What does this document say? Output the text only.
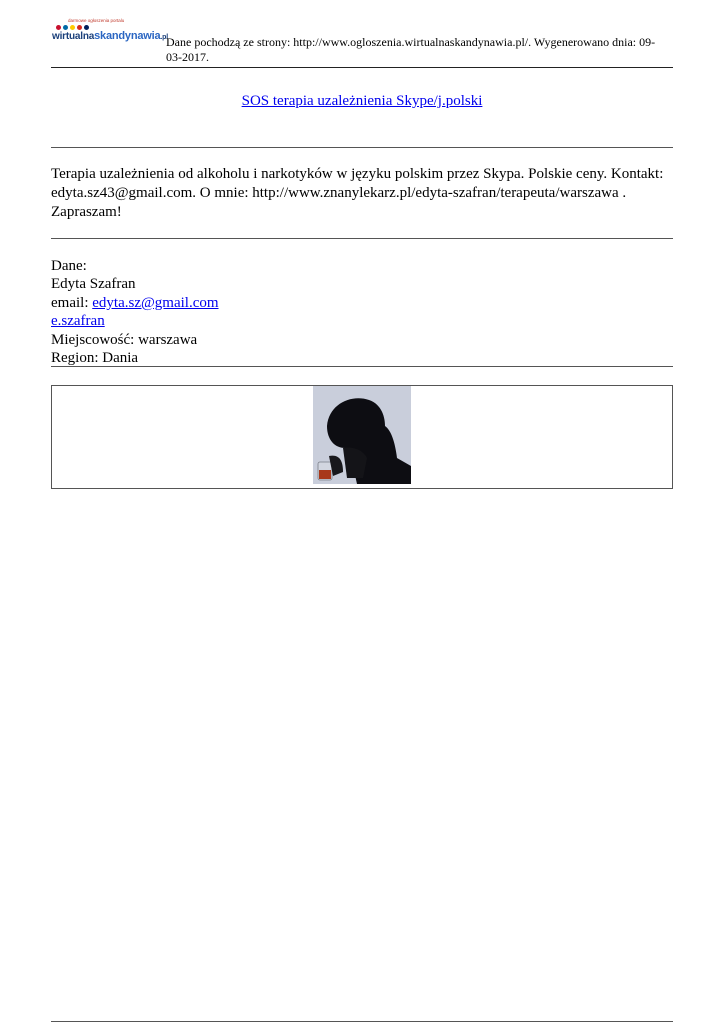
darmowe ogłoszenia portalu
wirtualnaskandynawia.pl
Dane pochodzą ze strony: http://www.ogloszenia.wirtualnaskandynawia.pl/. Wygenerowano dnia: 09-03-2017.
SOS terapia uzależnienia Skype/j.polski
Terapia uzależnienia od alkoholu i narkotyków w języku polskim przez Skypa. Polskie ceny. Kontakt: edyta.sz43@gmail.com. O mnie: http://www.znanylekarz.pl/edyta-szafran/terapeuta/warszawa . Zapraszam!
Dane:
Edyta Szafran
email: edyta.sz@gmail.com
e.szafran
Miejscowość: warszawa
Region: Dania
